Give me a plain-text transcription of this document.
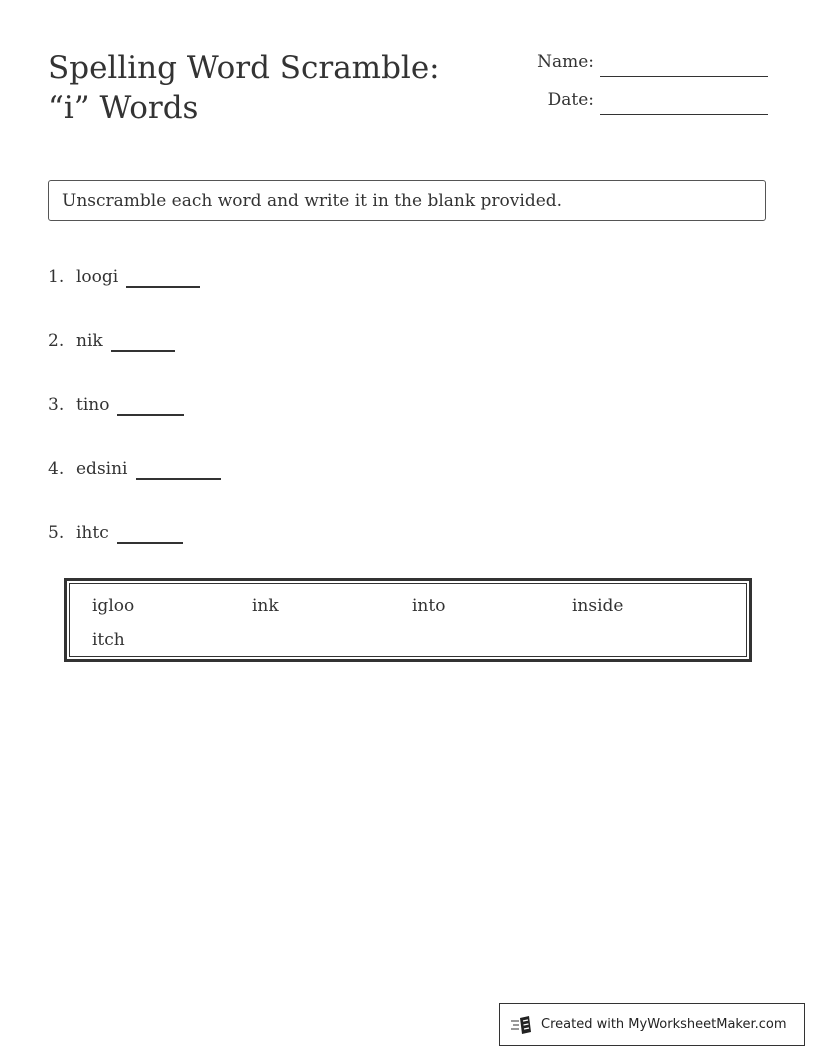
Spelling Word Scramble: “i” Words
Name:
Date:
Unscramble each word and write it in the blank provided.
1. loogi
2. nik
3. tino
4. edsini
5. ihtc
igloo	ink	into	inside
itch
Created with MyWorksheetMaker.com
